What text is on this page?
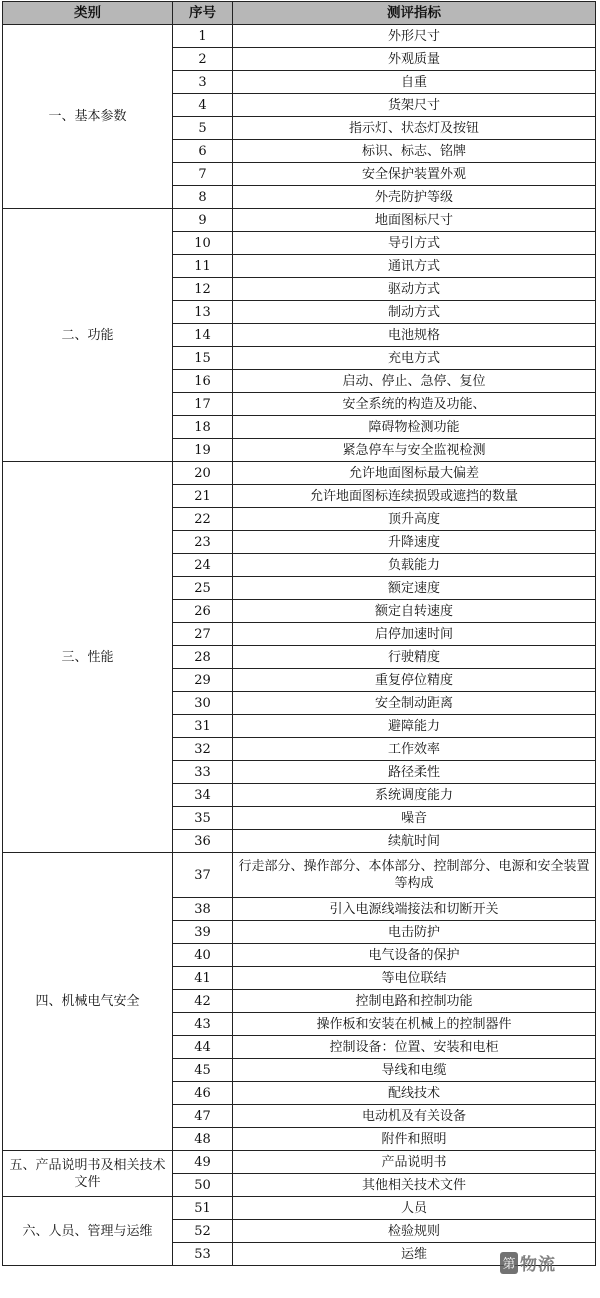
类别	序号	测评指标
一、基本参数	1	外形尺寸
	2	外观质量
	3	自重
	4	货架尺寸
	5	指示灯、状态灯及按钮
	6	标识、标志、铭牌
	7	安全保护装置外观
	8	外壳防护等级
二、功能	9	地面图标尺寸
	10	导引方式
	11	通讯方式
	12	驱动方式
	13	制动方式
	14	电池规格
	15	充电方式
	16	启动、停止、急停、复位
	17	安全系统的构造及功能、
	18	障碍物检测功能
	19	紧急停车与安全监视检测
三、性能	20	允许地面图标最大偏差
	21	允许地面图标连续损毁或遮挡的数量
	22	顶升高度
	23	升降速度
	24	负载能力
	25	额定速度
	26	额定自转速度
	27	启停加速时间
	28	行驶精度
	29	重复停位精度
	30	安全制动距离
	31	避障能力
	32	工作效率
	33	路径柔性
	34	系统调度能力
	35	噪音
	36	续航时间
四、机械电气安全	37	行走部分、操作部分、本体部分、控制部分、电源和安全装置等构成
	38	引入电源线端接法和切断开关
	39	电击防护
	40	电气设备的保护
	41	等电位联结
	42	控制电路和控制功能
	43	操作板和安装在机械上的控制器件
	44	控制设备：位置、安装和电柜
	45	导线和电缆
	46	配线技术
	47	电动机及有关设备
	48	附件和照明
五、产品说明书及相关技术文件	49	产品说明书
	50	其他相关技术文件
六、人员、管理与运维	51	人员
	52	检验规则
	53	运维
第 物流
